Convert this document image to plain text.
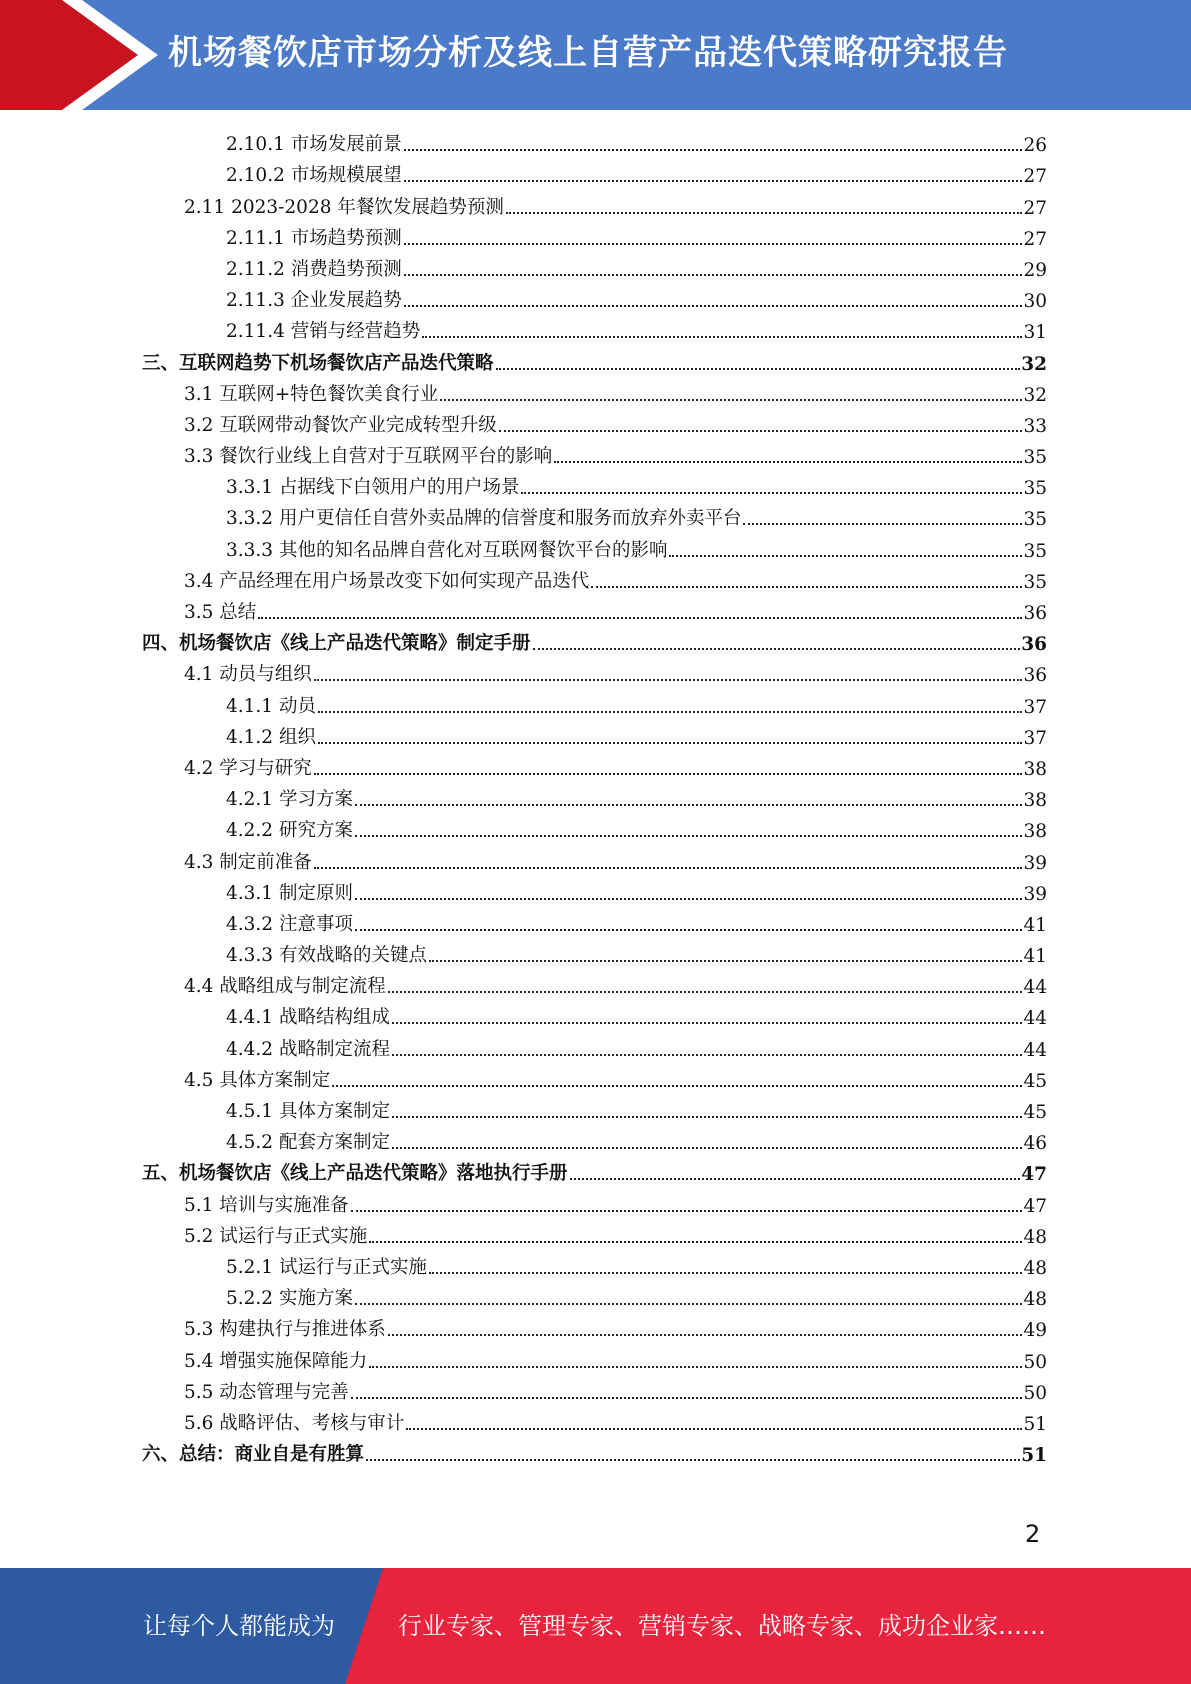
机场餐饮店市场分析及线上自营产品迭代策略研究报告
2.10.1 市场发展前景	26
2.10.2 市场规模展望	27
2.11 2023-2028 年餐饮发展趋势预测	27
2.11.1 市场趋势预测	27
2.11.2 消费趋势预测	29
2.11.3 企业发展趋势	30
2.11.4 营销与经营趋势	31
三、互联网趋势下机场餐饮店产品迭代策略	32
3.1 互联网+特色餐饮美食行业	32
3.2 互联网带动餐饮产业完成转型升级	33
3.3 餐饮行业线上自营对于互联网平台的影响	35
3.3.1 占据线下白领用户的用户场景	35
3.3.2 用户更信任自营外卖品牌的信誉度和服务而放弃外卖平台	35
3.3.3 其他的知名品牌自营化对互联网餐饮平台的影响	35
3.4 产品经理在用户场景改变下如何实现产品迭代	35
3.5 总结	36
四、机场餐饮店《线上产品迭代策略》制定手册	36
4.1 动员与组织	36
4.1.1 动员	37
4.1.2 组织	37
4.2 学习与研究	38
4.2.1 学习方案	38
4.2.2 研究方案	38
4.3 制定前准备	39
4.3.1 制定原则	39
4.3.2 注意事项	41
4.3.3 有效战略的关键点	41
4.4 战略组成与制定流程	44
4.4.1 战略结构组成	44
4.4.2 战略制定流程	44
4.5 具体方案制定	45
4.5.1 具体方案制定	45
4.5.2 配套方案制定	46
五、机场餐饮店《线上产品迭代策略》落地执行手册	47
5.1 培训与实施准备	47
5.2 试运行与正式实施	48
5.2.1 试运行与正式实施	48
5.2.2 实施方案	48
5.3 构建执行与推进体系	49
5.4 增强实施保障能力	50
5.5 动态管理与完善	50
5.6 战略评估、考核与审计	51
六、总结：商业自是有胜算	51
2
让每个人都能成为	行业专家、管理专家、营销专家、战略专家、成功企业家……
